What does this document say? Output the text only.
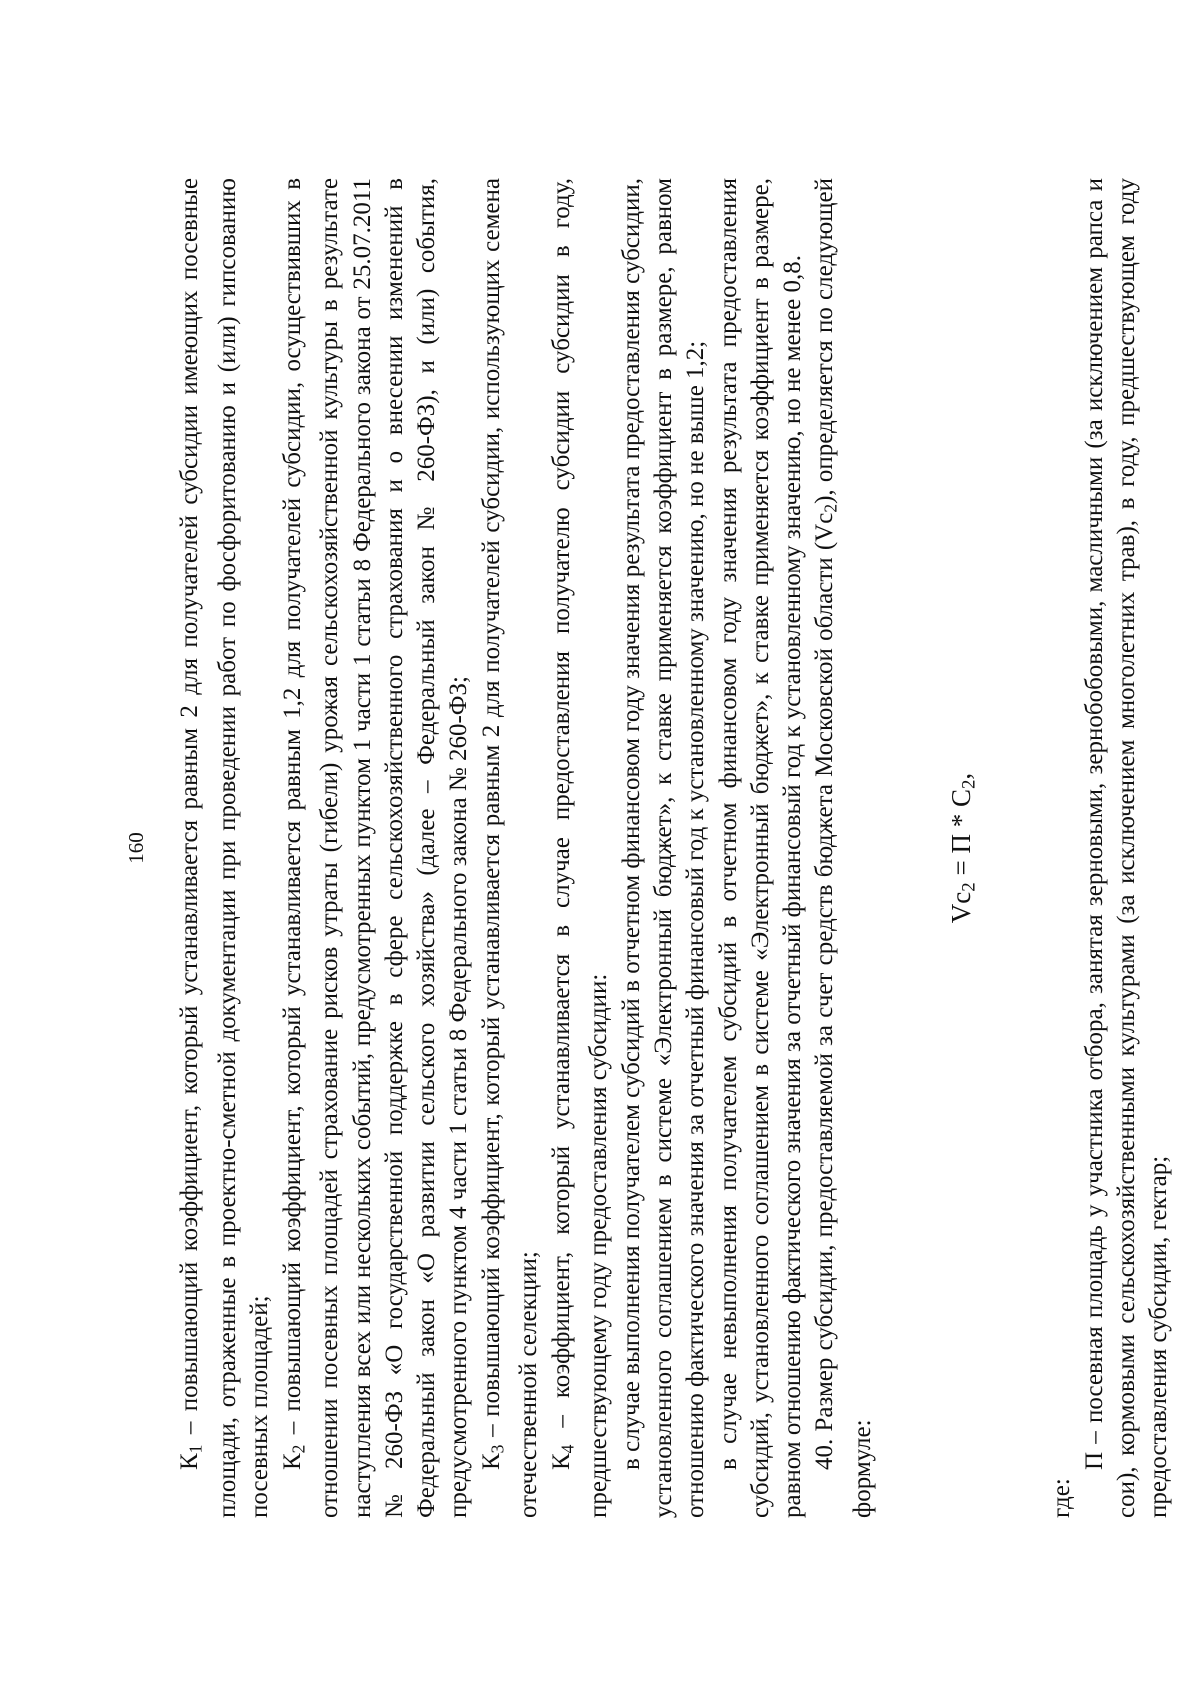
160

$К_1$ – повышающий коэффициент, который устанавливается равным 2 для получателей субсидии имеющих посевные площади, отраженные в проектно-сметной документации при проведении работ по фосфоритованию и (или) гипсованию посевных площадей; $К_2$ – повышающий коэффициент, который устанавливается равным 1,2 для получателей субсидии, осуществивших в отношении посевных площадей страхование рисков утраты (гибели) урожая сельскохозяйственной культуры в результате наступления всех или нескольких событий, предусмотренных пунктом 1 части 1 статьи 8 Федерального закона от 25.07.2011 № 260-ФЗ «О государственной поддержке в сфере сельскохозяйственного страхования и о внесении изменений в Федеральный закон «О развитии сельского хозяйства» (далее – Федеральный закон № 260-ФЗ), и (или) события, предусмотренного пунктом 4 части 1 статьи 8 Федерального закона № 260-ФЗ; $К_3$ – повышающий коэффициент, который устанавливается равным 2 для получателей субсидии, использующих семена отечественной селекции; $К_4$ – коэффициент, который устанавливается в случае предоставления получателю субсидии субсидии в году, предшествующему году предоставления субсидии: в случае выполнения получателем субсидий в отчетном финансовом году значения результата предоставления субсидии, установленного соглашением в системе «Электронный бюджет», к ставке применяется коэффициент в размере, равном отношению фактического значения за отчетный финансовый год к установленному значению, но не выше 1,2; в случае невыполнения получателем субсидий в отчетном финансовом году значения результата предоставления субсидий, установленного соглашением в системе «Электронный бюджет», к ставке применяется коэффициент в размере, равном отношению фактического значения за отчетный финансовый год к установленному значению, но не менее 0,8. 40. Размер субсидии, предоставляемой за счет средств бюджета Московской области $(Vc_2)$, определяется по следующей формуле:

$Vc_2 = П * С_2$,

где:

П – посевная площадь у участника отбора, занятая зерновыми, зернобобовыми, масличными (за исключением рапса и сои), кормовыми сельскохозяйственными культурами (за исключением многолетних трав), в году, предшествующем году предоставления субсидии, гектар;
